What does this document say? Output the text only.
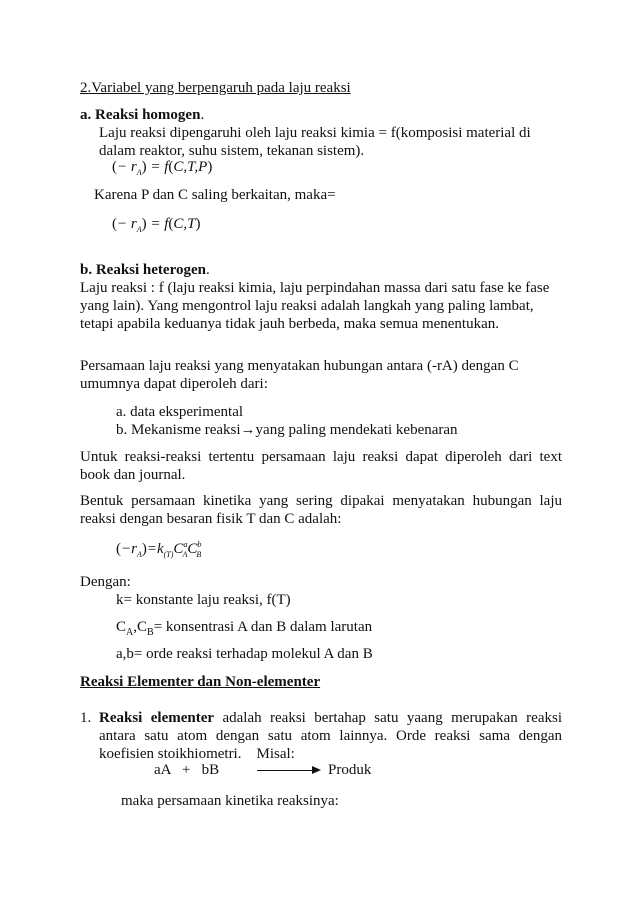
2.Variabel yang berpengaruh pada laju reaksi
a. Reaksi homogen.
Laju reaksi dipengaruhi oleh laju reaksi kimia = f(komposisi material di
dalam reaktor, suhu sistem, tekanan sistem).
(− $r_A) = f(C,T,P)$
Karena P dan C saling berkaitan, maka=
(− $r_A) = f(C,T)$
b. Reaksi heterogen.
Laju reaksi : f (laju reaksi kimia, laju perpindahan massa dari satu fase ke fase
yang lain). Yang mengontrol laju reaksi adalah langkah yang paling lambat,
tetapi apabila keduanya tidak jauh berbeda, maka semua menentukan.
Persamaan laju reaksi yang menyatakan hubungan antara (-rA) dengan C
umumnya dapat diperoleh dari:
a. data eksperimental
b. Mekanisme reaksi→yang paling mendekati kebenaran
Untuk reaksi-reaksi tertentu persamaan laju reaksi dapat diperoleh dari text
book dan journal.
Bentuk persamaan kinetika yang sering dipakai menyatakan hubungan laju
reaksi dengan besaran fisik T dan C adalah:
$(-r_A)=k_{(T)}C^a_AC^b_B$
Dengan:
k= konstante laju reaksi, f(T)
$C_A,C_B=$ konsentrasi A dan B dalam larutan
a,b= orde reaksi terhadap molekul A dan B
Reaksi Elementer dan Non-elementer
1. Reaksi elementer adalah reaksi bertahap satu yaang merupakan reaksi
antara satu atom dengan satu atom lainnya. Orde reaksi sama dengan
koefisien stoikhiometri.    Misal:
aA   +   bB	Produk
maka persamaan kinetika reaksinya:
